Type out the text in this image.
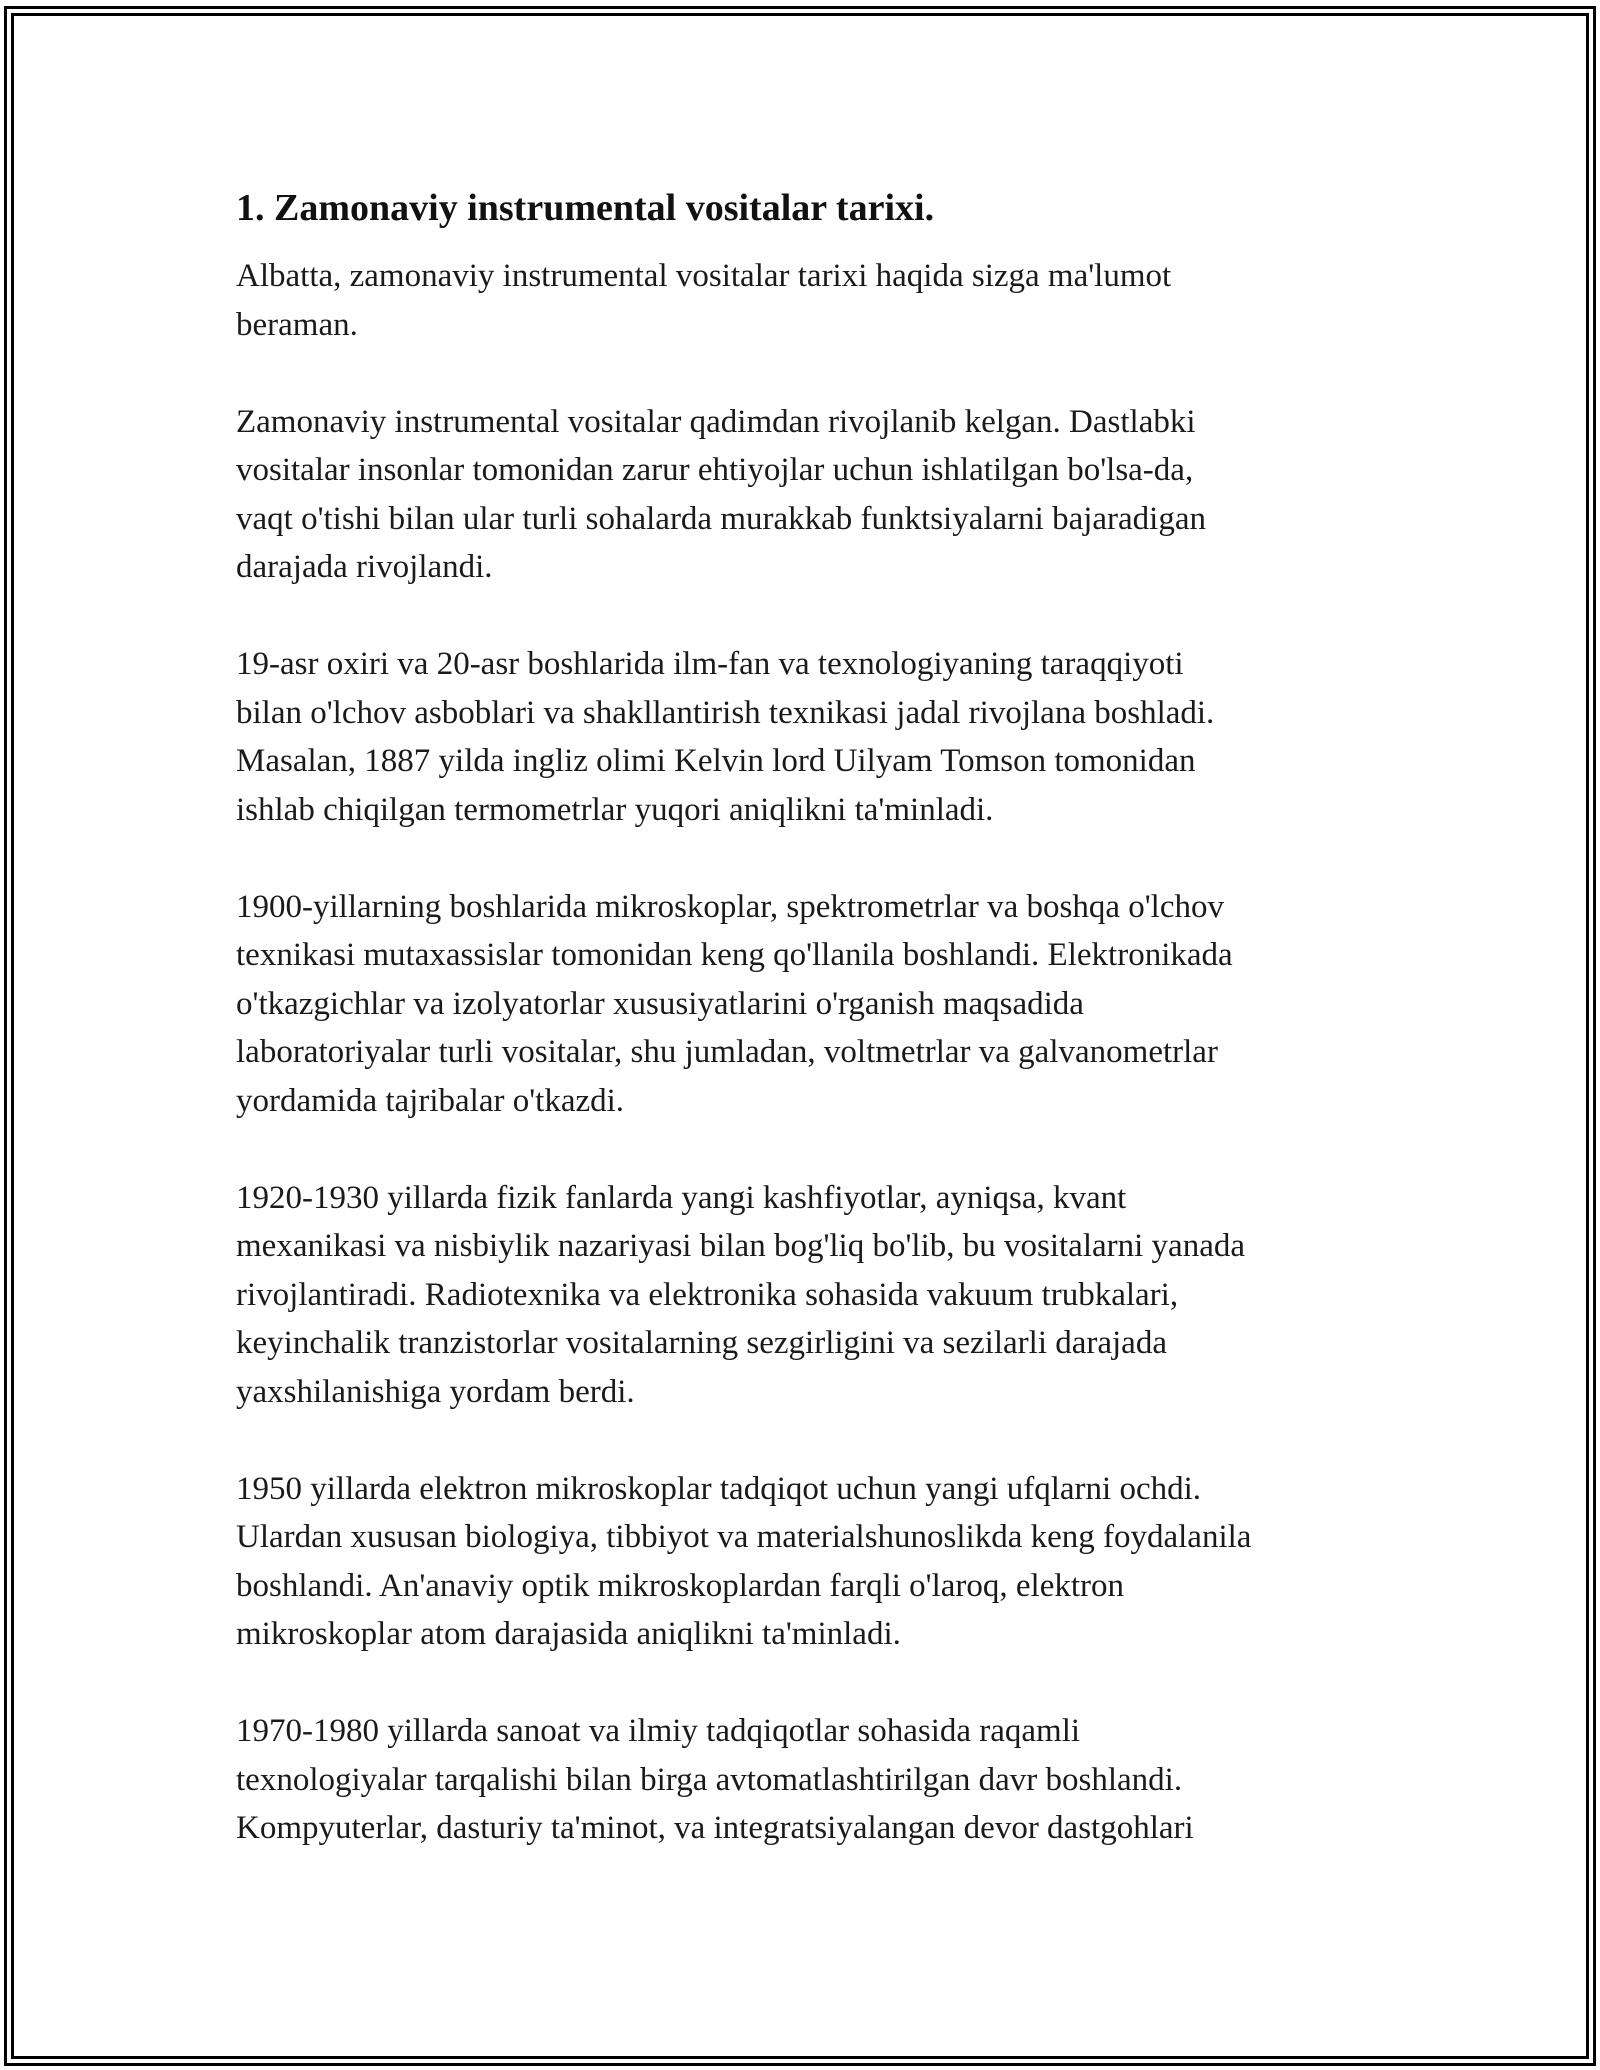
1. Zamonaviy instrumental vositalar tarixi.
Albatta, zamonaviy instrumental vositalar tarixi haqida sizga ma'lumot
beraman.
Zamonaviy instrumental vositalar qadimdan rivojlanib kelgan. Dastlabki
vositalar insonlar tomonidan zarur ehtiyojlar uchun ishlatilgan bo'lsa-da,
vaqt o'tishi bilan ular turli sohalarda murakkab funktsiyalarni bajaradigan
darajada rivojlandi.
19-asr oxiri va 20-asr boshlarida ilm-fan va texnologiyaning taraqqiyoti
bilan o'lchov asboblari va shakllantirish texnikasi jadal rivojlana boshladi.
Masalan, 1887 yilda ingliz olimi Kelvin lord Uilyam Tomson tomonidan
ishlab chiqilgan termometrlar yuqori aniqlikni ta'minladi.
1900-yillarning boshlarida mikroskoplar, spektrometrlar va boshqa o'lchov
texnikasi mutaxassislar tomonidan keng qo'llanila boshlandi. Elektronikada
o'tkazgichlar va izolyatorlar xususiyatlarini o'rganish maqsadida
laboratoriyalar turli vositalar, shu jumladan, voltmetrlar va galvanometrlar
yordamida tajribalar o'tkazdi.
1920-1930 yillarda fizik fanlarda yangi kashfiyotlar, ayniqsa, kvant
mexanikasi va nisbiylik nazariyasi bilan bog'liq bo'lib, bu vositalarni yanada
rivojlantiradi. Radiotexnika va elektronika sohasida vakuum trubkalari,
keyinchalik tranzistorlar vositalarning sezgirligini va sezilarli darajada
yaxshilanishiga yordam berdi.
1950 yillarda elektron mikroskoplar tadqiqot uchun yangi ufqlarni ochdi.
Ulardan xususan biologiya, tibbiyot va materialshunoslikda keng foydalanila
boshlandi. An'anaviy optik mikroskoplardan farqli o'laroq, elektron
mikroskoplar atom darajasida aniqlikni ta'minladi.
1970-1980 yillarda sanoat va ilmiy tadqiqotlar sohasida raqamli
texnologiyalar tarqalishi bilan birga avtomatlashtirilgan davr boshlandi.
Kompyuterlar, dasturiy ta'minot, va integratsiyalangan devor dastgohlari
